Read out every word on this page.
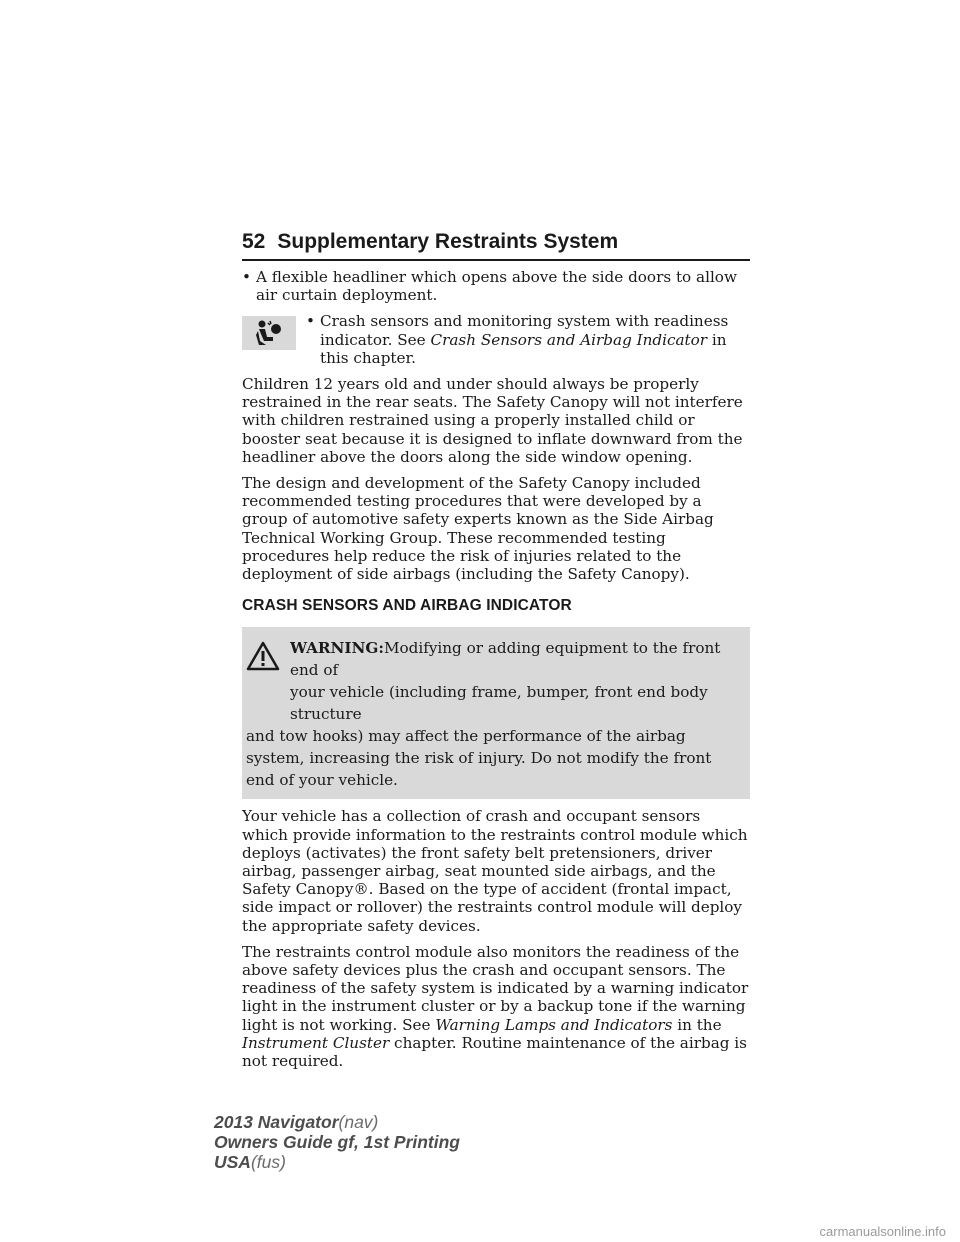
52 Supplementary Restraints System
• A flexible headliner which opens above the side doors to allow air curtain deployment.
• Crash sensors and monitoring system with readiness indicator. See Crash Sensors and Airbag Indicator in this chapter.

Children 12 years old and under should always be properly restrained in the rear seats. The Safety Canopy will not interfere with children restrained using a properly installed child or booster seat because it is designed to inflate downward from the headliner above the doors along the side window opening.

The design and development of the Safety Canopy included recommended testing procedures that were developed by a group of automotive safety experts known as the Side Airbag Technical Working Group. These recommended testing procedures help reduce the risk of injuries related to the deployment of side airbags (including the Safety Canopy).

CRASH SENSORS AND AIRBAG INDICATOR
WARNING:Modifying or adding equipment to the front end of
your vehicle (including frame, bumper, front end body structure
and tow hooks) may affect the performance of the airbag system, increasing the risk of injury. Do not modify the front end of your vehicle.

Your vehicle has a collection of crash and occupant sensors which provide information to the restraints control module which deploys (activates) the front safety belt pretensioners, driver airbag, passenger airbag, seat mounted side airbags, and the Safety Canopy®. Based on the type of accident (frontal impact, side impact or rollover) the restraints control module will deploy the appropriate safety devices.

The restraints control module also monitors the readiness of the above safety devices plus the crash and occupant sensors. The readiness of the safety system is indicated by a warning indicator light in the instrument cluster or by a backup tone if the warning light is not working. See Warning Lamps and Indicators in the Instrument Cluster chapter. Routine maintenance of the airbag is not required.

2013 Navigator(nav)
Owners Guide gf, 1st Printing
USA(fus)
carmanualsonline.info
